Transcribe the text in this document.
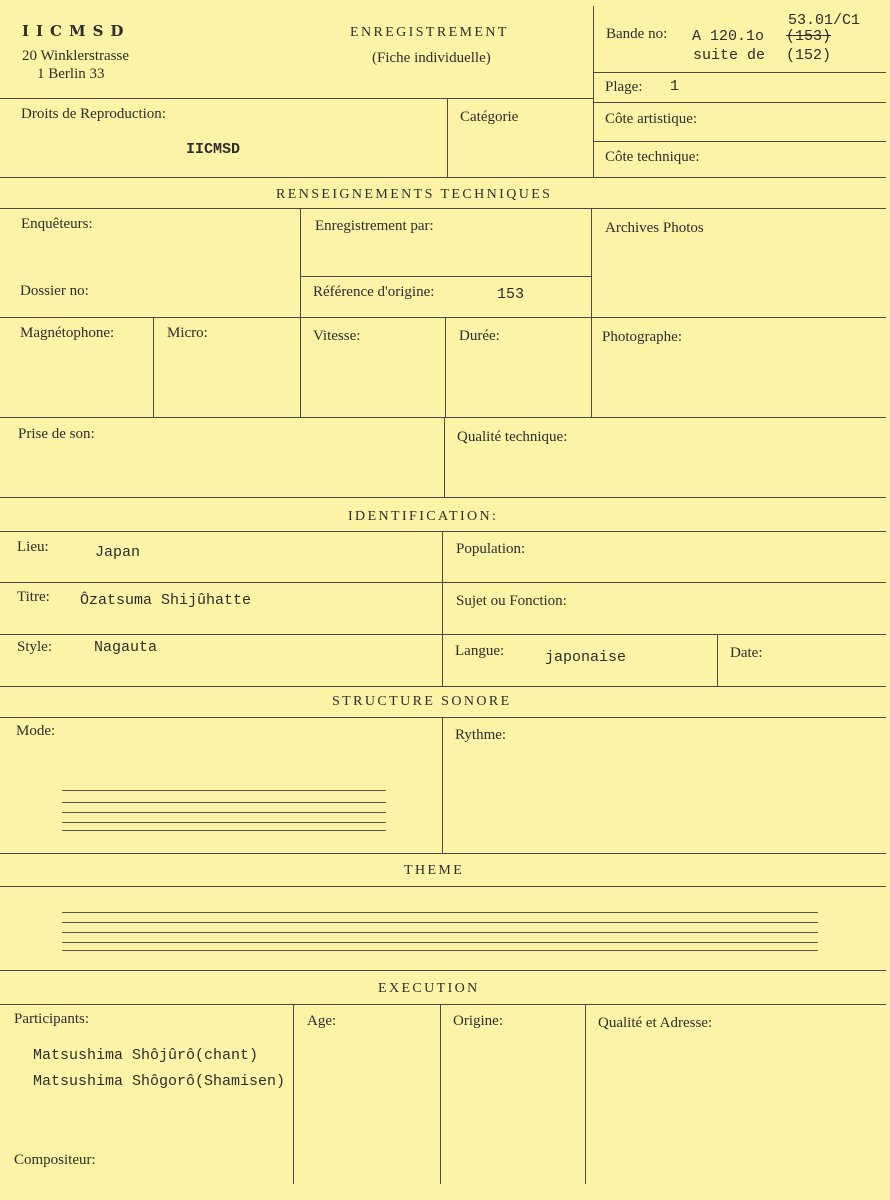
IICMSD
20 Winklerstrasse
1 Berlin 33
ENREGISTREMENT
(Fiche individuelle)
53.01/C1
Bande no: A 120.1o (153)
suite de (152)
Plage: 1
Droits de Reproduction:
IICMSD
Catégorie	Côte artistique:
Côte technique:
RENSEIGNEMENTS TECHNIQUES
Enquêteurs:	Enregistrement par:	Archives Photos
Dossier no:	Référence d'origine:	153
Magnétophone:	Micro:	Vitesse:	Durée:	Photographe:
Prise de son:	Qualité technique:
IDENTIFICATION:
Lieu:	Japan	Population:
Titre: Ôzatsuma Shijûhatte	Sujet ou Fonction:
Style:	Nagauta	Langue:	japonaise	Date:
STRUCTURE SONORE
Mode:	Rythme:
THEME
EXECUTION
Participants:	Age:	Origine:	Qualité et Adresse:
Matsushima Shôjûrô(chant)
Matsushima Shôgorô(Shamisen)
Compositeur:
